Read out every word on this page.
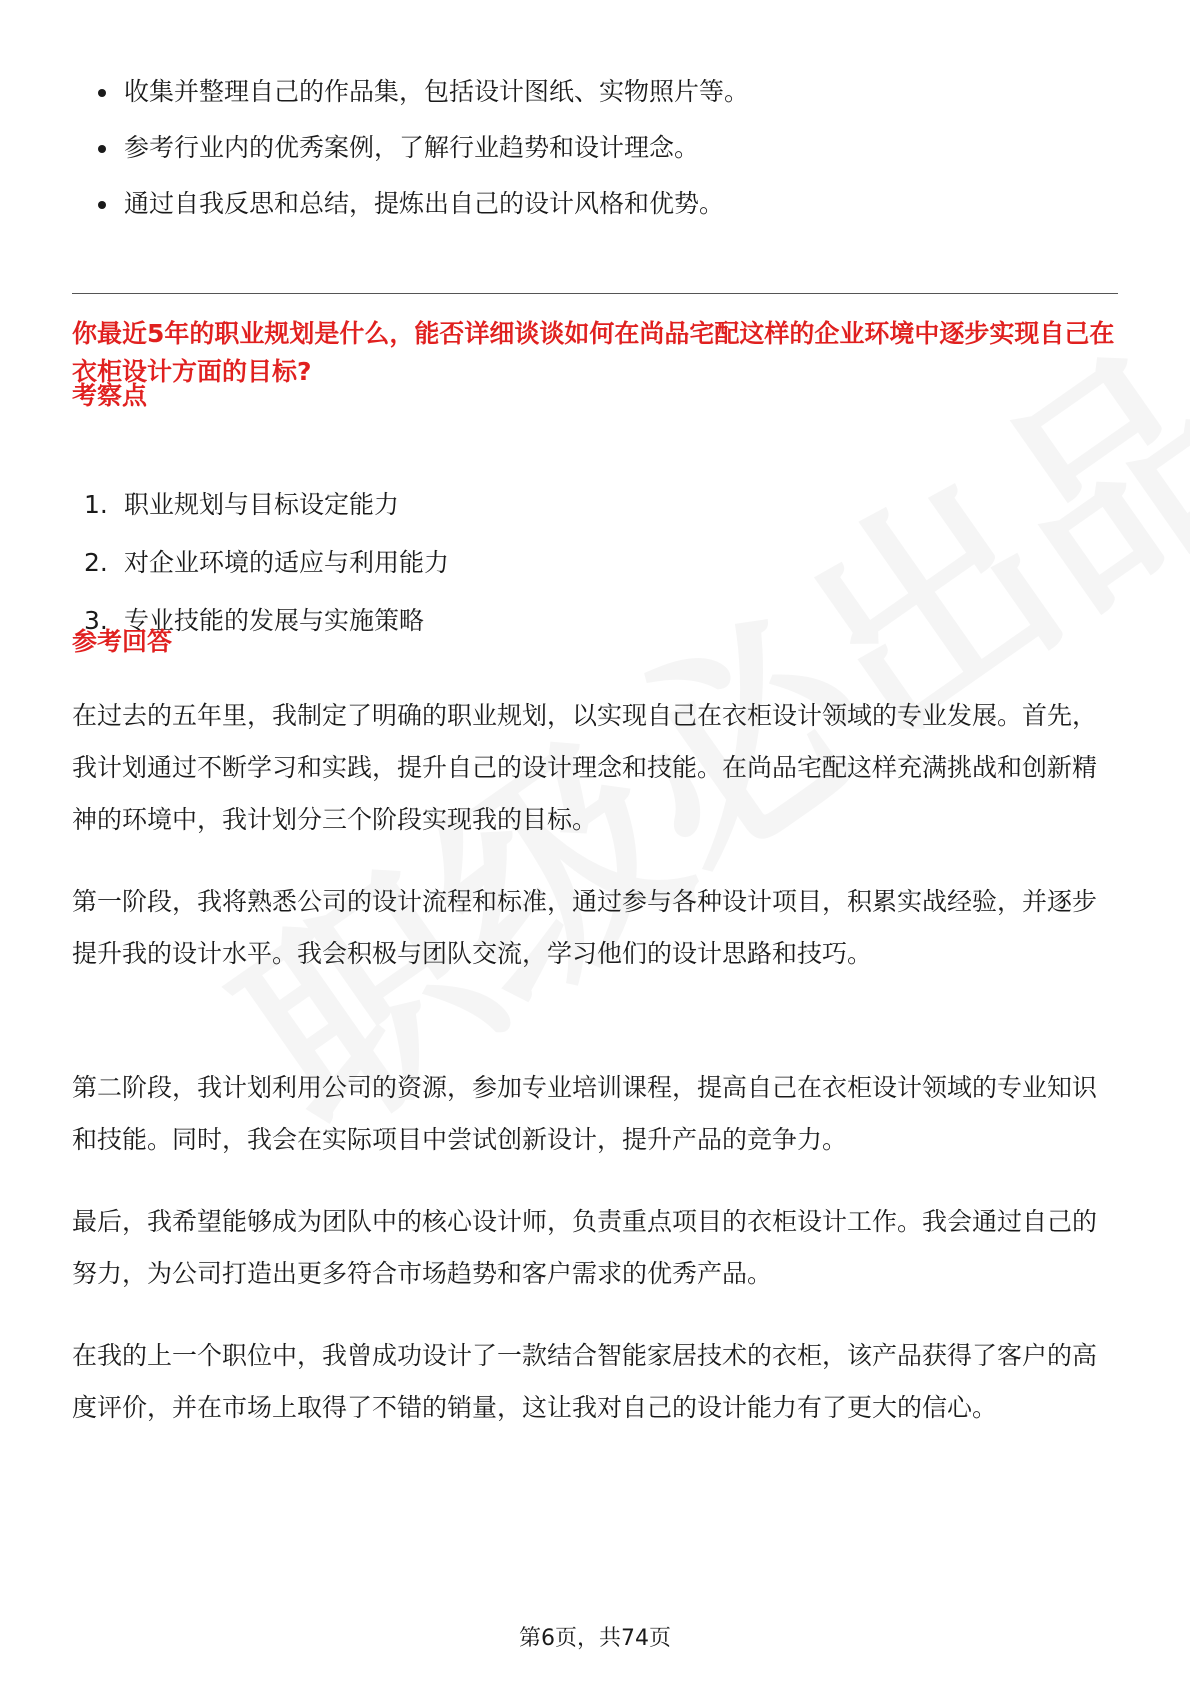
收集并整理自己的作品集，包括设计图纸、实物照片等。
参考行业内的优秀案例，了解行业趋势和设计理念。
通过自我反思和总结，提炼出自己的设计风格和优势。

你最近5年的职业规划是什么，能否详细谈谈如何在尚品宅配这样的企业环境中逐步实现自己在衣柜设计方面的目标?

考察点

1. 职业规划与目标设定能力
2. 对企业环境的适应与利用能力
3. 专业技能的发展与实施策略

参考回答

在过去的五年里，我制定了明确的职业规划，以实现自己在衣柜设计领域的专业发展。首先，我计划通过不断学习和实践，提升自己的设计理念和技能。在尚品宅配这样充满挑战和创新精神的环境中，我计划分三个阶段实现我的目标。

第一阶段，我将熟悉公司的设计流程和标准，通过参与各种设计项目，积累实战经验，并逐步提升我的设计水平。我会积极与团队交流，学习他们的设计思路和技巧。

第二阶段，我计划利用公司的资源，参加专业培训课程，提高自己在衣柜设计领域的专业知识和技能。同时，我会在实际项目中尝试创新设计，提升产品的竞争力。

最后，我希望能够成为团队中的核心设计师，负责重点项目的衣柜设计工作。我会通过自己的努力，为公司打造出更多符合市场趋势和客户需求的优秀产品。

在我的上一个职位中，我曾成功设计了一款结合智能家居技术的衣柜，该产品获得了客户的高度评价，并在市场上取得了不错的销量，这让我对自己的设计能力有了更大的信心。

第6页，共74页
